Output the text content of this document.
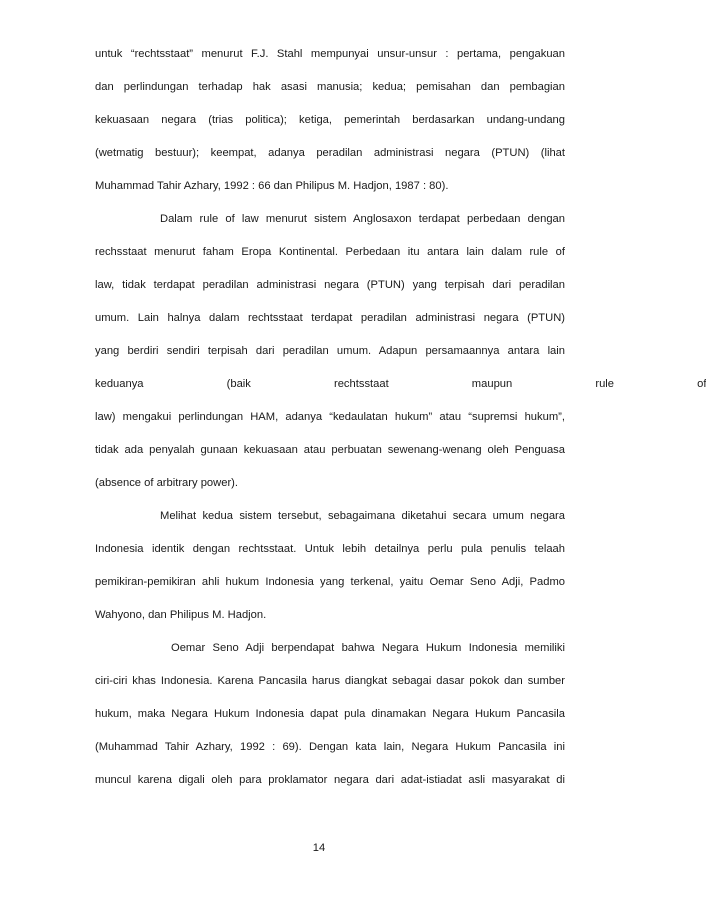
untuk “rechtsstaat” menurut F.J. Stahl mempunyai unsur-unsur : pertama, pengakuan
dan perlindungan terhadap hak asasi manusia; kedua; pemisahan dan pembagian
kekuasaan negara (trias politica); ketiga, pemerintah berdasarkan undang-undang
(wetmatig bestuur); keempat, adanya peradilan administrasi negara (PTUN) (lihat
Muhammad Tahir Azhary, 1992 : 66 dan Philipus M. Hadjon, 1987 : 80).
Dalam rule of law menurut sistem Anglosaxon terdapat perbedaan dengan
rechsstaat menurut faham Eropa Kontinental. Perbedaan itu antara lain dalam rule of
law, tidak terdapat peradilan administrasi negara (PTUN) yang terpisah dari peradilan
umum. Lain halnya dalam rechtsstaat terdapat peradilan administrasi negara (PTUN)
yang berdiri sendiri terpisah dari peradilan umum. Adapun persamaannya antara lain
keduanya (baik rechtsstaat maupun rule of
law) mengakui perlindungan HAM, adanya “kedaulatan hukum” atau “supremsi hukum”,
tidak ada penyalah gunaan kekuasaan atau perbuatan sewenang-wenang oleh Penguasa
(absence of arbitrary power).
Melihat kedua sistem tersebut, sebagaimana diketahui secara umum negara
Indonesia identik dengan rechtsstaat. Untuk lebih detailnya perlu pula penulis telaah
pemikiran-pemikiran ahli hukum Indonesia yang terkenal, yaitu Oemar Seno Adji, Padmo
Wahyono, dan Philipus M. Hadjon.
Oemar Seno Adji berpendapat bahwa Negara Hukum Indonesia memiliki
ciri-ciri khas Indonesia. Karena Pancasila harus diangkat sebagai dasar pokok dan sumber
hukum, maka Negara Hukum Indonesia dapat pula dinamakan Negara Hukum Pancasila
(Muhammad Tahir Azhary, 1992 : 69). Dengan kata lain, Negara Hukum Pancasila ini
muncul karena digali oleh para proklamator negara dari adat-istiadat asli masyarakat di
14
